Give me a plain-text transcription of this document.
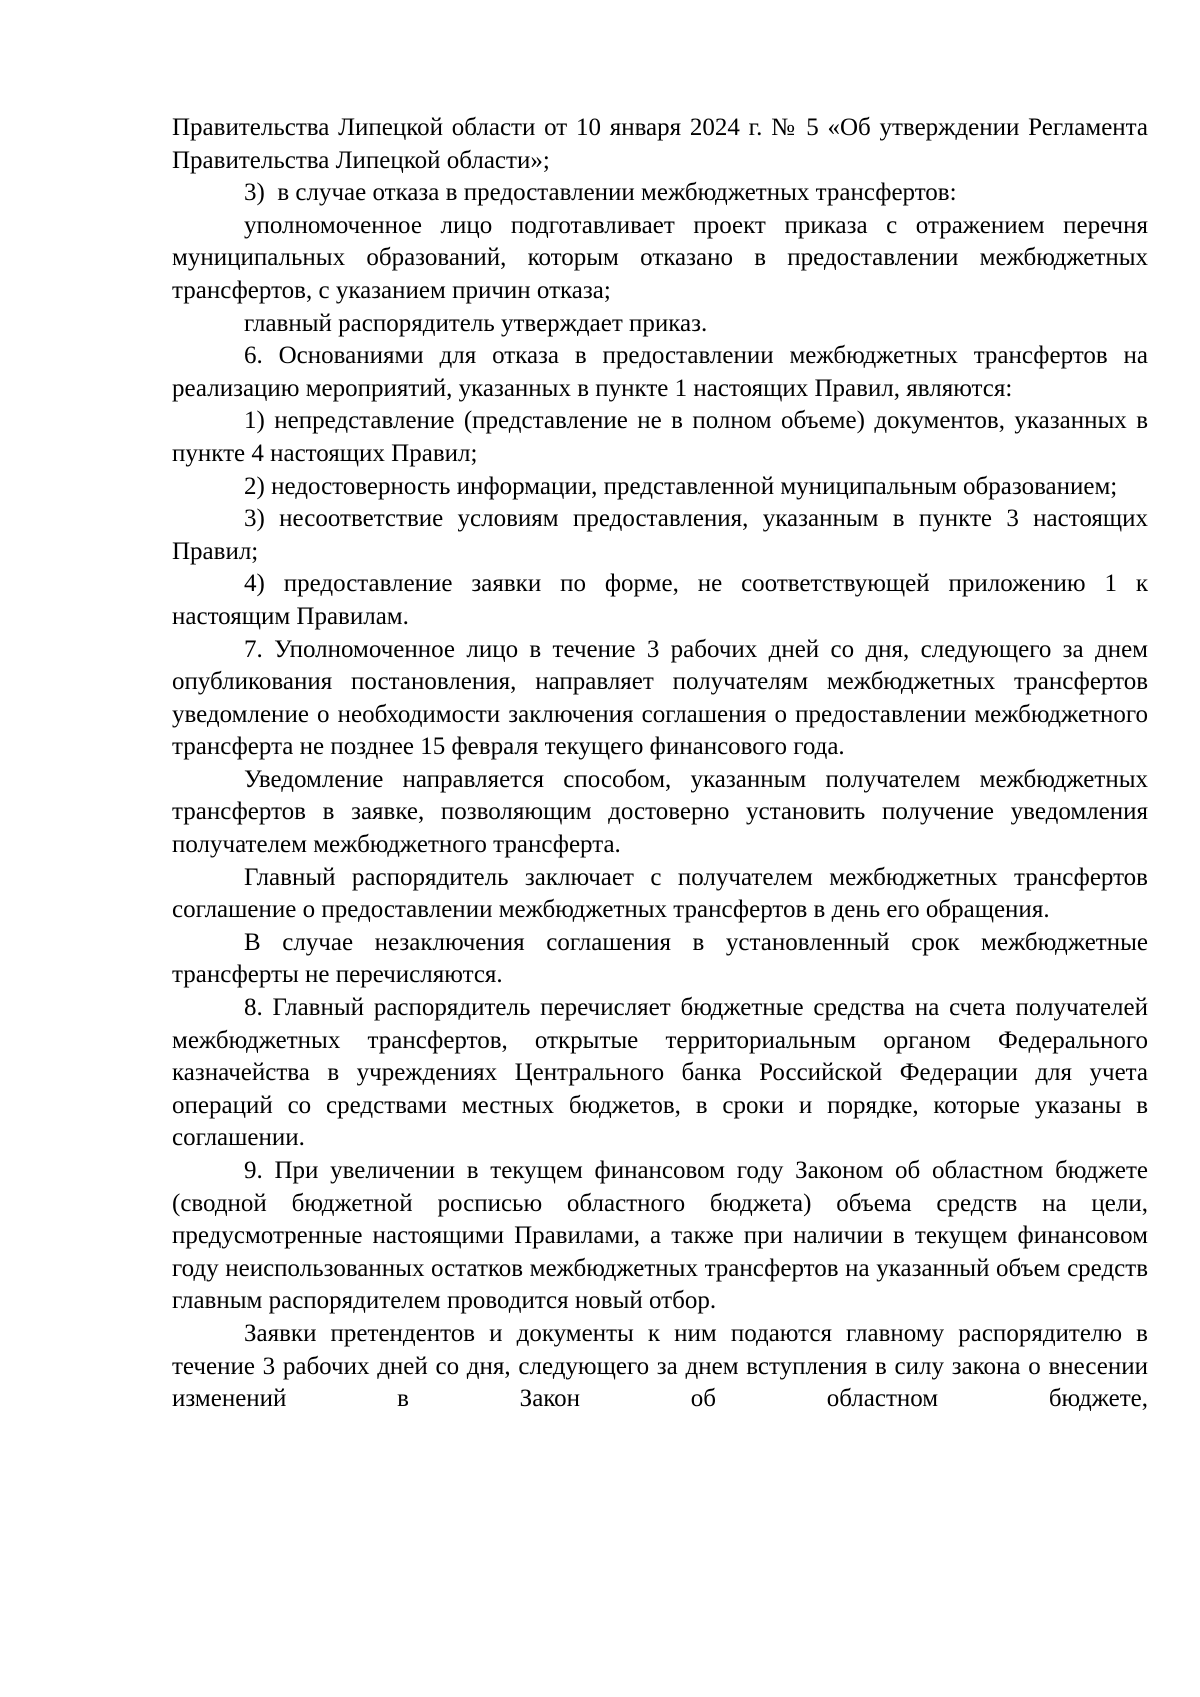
Правительства Липецкой области от 10 января 2024 г. № 5 «Об утверждении Регламента Правительства Липецкой области»;

3)  в случае отказа в предоставлении межбюджетных трансфертов:

уполномоченное лицо подготавливает проект приказа с отражением перечня муниципальных образований, которым отказано в предоставлении межбюджетных трансфертов, с указанием причин отказа;

главный распорядитель утверждает приказ.

6. Основаниями для отказа в предоставлении межбюджетных трансфертов на реализацию мероприятий, указанных в пункте 1 настоящих Правил, являются:

1) непредставление (представление не в полном объеме) документов, указанных в пункте 4 настоящих Правил;

2) недостоверность информации, представленной муниципальным образованием;

3) несоответствие условиям предоставления, указанным в пункте 3 настоящих Правил;

4) предоставление заявки по форме, не соответствующей приложению 1 к настоящим Правилам.

7. Уполномоченное лицо в течение 3 рабочих дней со дня, следующего за днем опубликования постановления, направляет получателям межбюджетных трансфертов уведомление о необходимости заключения соглашения о предоставлении межбюджетного трансферта не позднее 15 февраля текущего финансового года.

Уведомление направляется способом, указанным получателем межбюджетных трансфертов в заявке, позволяющим достоверно установить получение уведомления получателем межбюджетного трансферта.

Главный распорядитель заключает с получателем межбюджетных трансфертов соглашение о предоставлении межбюджетных трансфертов в день его обращения.

В случае незаключения соглашения в установленный срок межбюджетные трансферты не перечисляются.

8. Главный распорядитель перечисляет бюджетные средства на счета получателей межбюджетных трансфертов, открытые территориальным органом Федерального казначейства в учреждениях Центрального банка Российской Федерации для учета операций со средствами местных бюджетов, в сроки и порядке, которые указаны в соглашении.

9. При увеличении в текущем финансовом году Законом об областном бюджете (сводной бюджетной росписью областного бюджета) объема средств на цели, предусмотренные настоящими Правилами, а также при наличии в текущем финансовом году неиспользованных остатков межбюджетных трансфертов на указанный объем средств главным распорядителем проводится новый отбор.

Заявки претендентов и документы к ним подаются главному распорядителю в течение 3 рабочих дней со дня, следующего за днем вступления в силу закона о внесении изменений в Закон об областном бюджете,
